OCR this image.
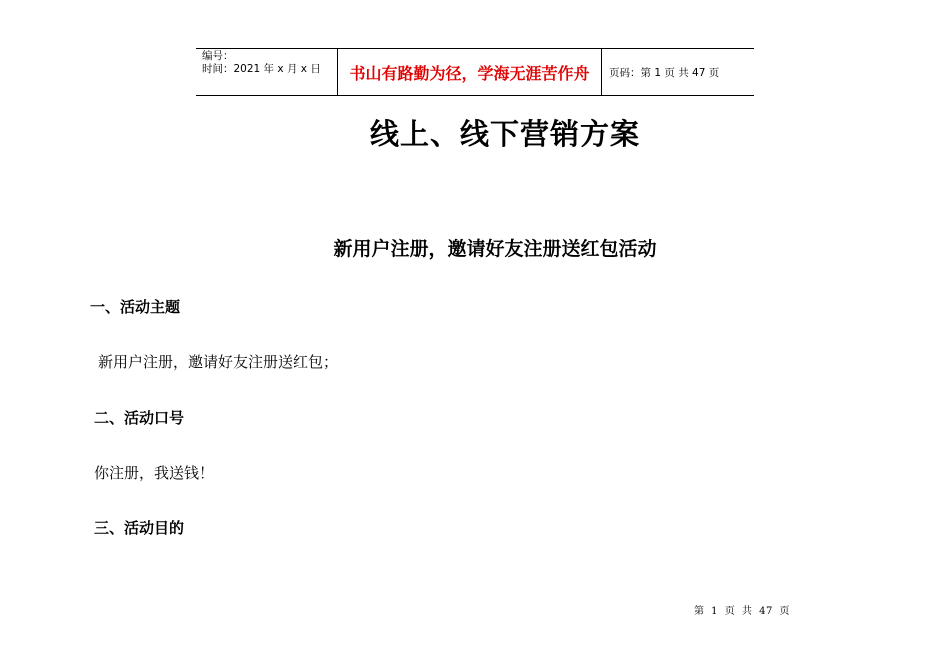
编号：
时间：2021 年 x 月 x 日	书山有路勤为径，学海无涯苦作舟	页码：第 1 页 共 47 页
线上、线下营销方案
新用户注册，邀请好友注册送红包活动
一、活动主题
新用户注册，邀请好友注册送红包；
二、活动口号
你注册，我送钱！
三、活动目的
第 1 页 共 47 页
